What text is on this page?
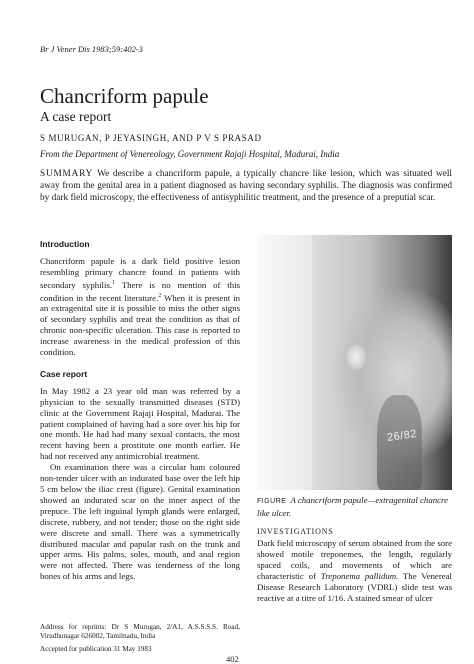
Br J Vener Dis 1983;59:402-3
Chancriform papule
A case report
S MURUGAN, P JEYASINGH, AND P V S PRASAD
From the Department of Venereology, Government Rajaji Hospital, Madurai, India
SUMMARY We describe a chancriform papule, a typically chancre like lesion, which was situated well away from the genital area in a patient diagnosed as having secondary syphilis. The diagnosis was confirmed by dark field microscopy, the effectiveness of antisyphilitic treatment, and the presence of a preputial scar.
Introduction

Chancriform papule is a dark field positive lesion resembling primary chancre found in patients with secondary syphilis.$^1$ There is no mention of this condition in the recent literature.$^2$ When it is present in an extragenital site it is possible to miss the other signs of secondary syphilis and treat the condition as that of chronic non-specific ulceration. This case is reported to increase awareness in the medical profession of this condition.

Case report

In May 1982 a 23 year old man was referred by a physician to the sexually transmitted diseases (STD) clinic at the Government Rajaji Hospital, Madurai. The patient complained of having had a sore over his hip for one month. He had had many sexual contacts, the most recent having been a prostitute one month earlier. He had not received any antimicrobial treatment.

On examination there was a circular ham coloured non-tender ulcer with an indurated base over the left hip 5 cm below the iliac crest (figure). Genital examination showed an indurated scar on the inner aspect of the prepuce. The left inguinal lymph glands were enlarged, discrete, rubbery, and not tender; those on the right side were discrete and small. There was a symmetrically distributed macular and papular rash on the trunk and upper arms. His palms, soles, mouth, and anal region were not affected. There was tenderness of the long bones of his arms and legs.

26/82
FIGURE A chancriform papule—extragenital chancre like ulcer.
INVESTIGATIONS

Dark field microscopy of serum obtained from the sore showed motile treponemes, the length, regularly spaced coils, and movements of which are characteristic of Treponema pallidum. The Venereal Disease Research Laboratory (VDRL) slide test was reactive at a titre of 1/16. A stained smear of ulcer

Address for reprints: Dr S Murugan, 2/A1, A.S.S.S.S. Road, Virudhunagar 626002, Tamilnadu, India

Accepted for publication 31 May 1983

402
